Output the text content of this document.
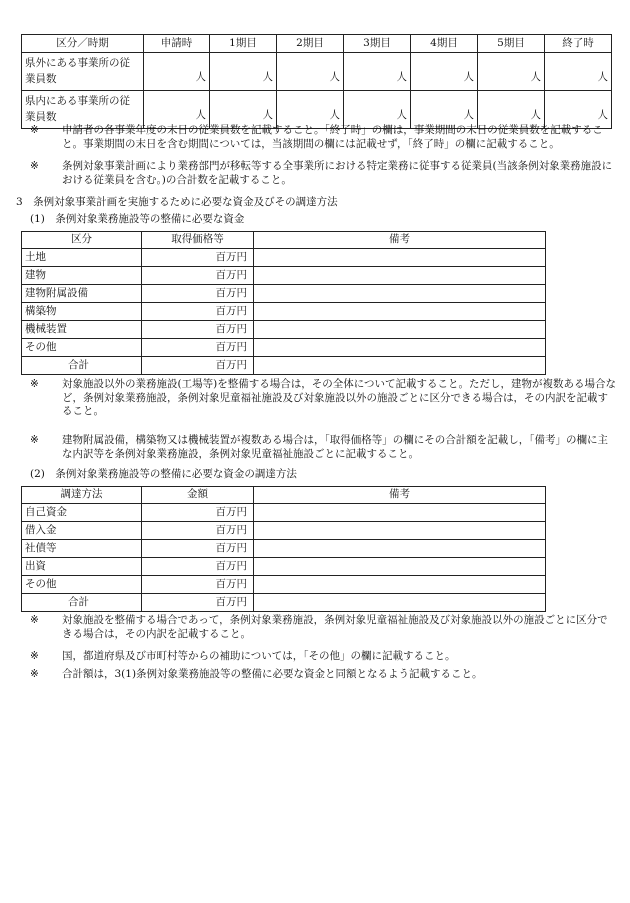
区分／時期	申請時	1期目	2期目	3期目	4期目	5期目	終了時
県外にある事業所の従業員数	人	人	人	人	人	人	人
県内にある事業所の従業員数	人	人	人	人	人	人	人
※	申請者の各事業年度の末日の従業員数を記載すること。「終了時」の欄は，事業期間の末日の従業員数を記載すること。事業期間の末日を含む期間については，当該期間の欄には記載せず，「終了時」の欄に記載すること。
※	条例対象事業計画により業務部門が移転等する全事業所における特定業務に従事する従業員(当該条例対象業務施設における従業員を含む。)の合計数を記載すること。
3　条例対象事業計画を実施するために必要な資金及びその調達方法
(1)　条例対象業務施設等の整備に必要な資金
区分	取得価格等	備考
土地	百万円	
建物	百万円	
建物附属設備	百万円	
構築物	百万円	
機械装置	百万円	
その他	百万円	
合計	百万円	
※	対象施設以外の業務施設(工場等)を整備する場合は，その全体について記載すること。ただし，建物が複数ある場合など，条例対象業務施設，条例対象児童福祉施設及び対象施設以外の施設ごとに区分できる場合は，その内訳を記載すること。
※	建物附属設備，構築物又は機械装置が複数ある場合は，「取得価格等」の欄にその合計額を記載し，「備考」の欄に主な内訳等を条例対象業務施設，条例対象児童福祉施設ごとに記載すること。
(2)　条例対象業務施設等の整備に必要な資金の調達方法
調達方法	金額	備考
自己資金	百万円	
借入金	百万円	
社債等	百万円	
出資	百万円	
その他	百万円	
合計	百万円	
※	対象施設を整備する場合であって，条例対象業務施設，条例対象児童福祉施設及び対象施設以外の施設ごとに区分できる場合は，その内訳を記載すること。
※	国，都道府県及び市町村等からの補助については，「その他」の欄に記載すること。
※	合計額は，3(1)条例対象業務施設等の整備に必要な資金と同額となるよう記載すること。
